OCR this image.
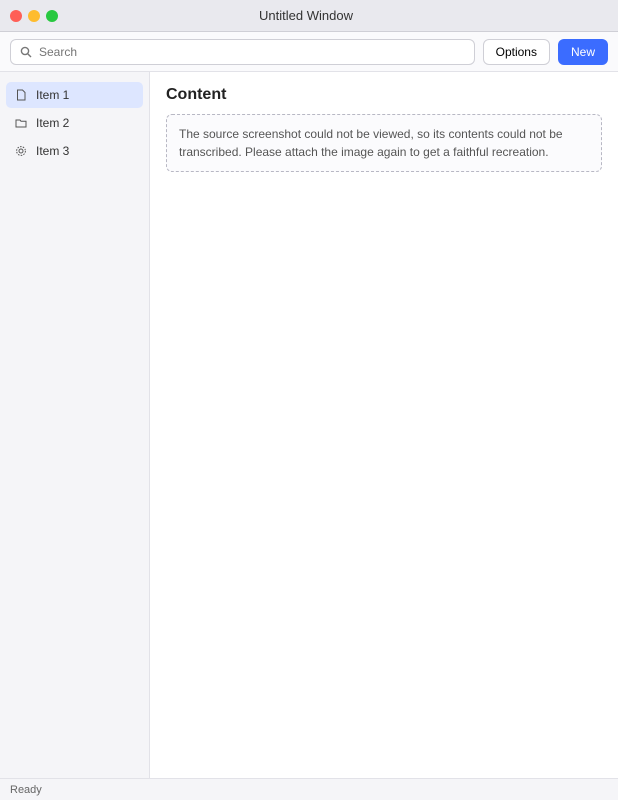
Untitled Window
Search
Options	New
Item 1
Item 2
Item 3
Content

The source screenshot could not be viewed, so its contents could not be transcribed. Please attach the image again to get a faithful recreation.

Ready
